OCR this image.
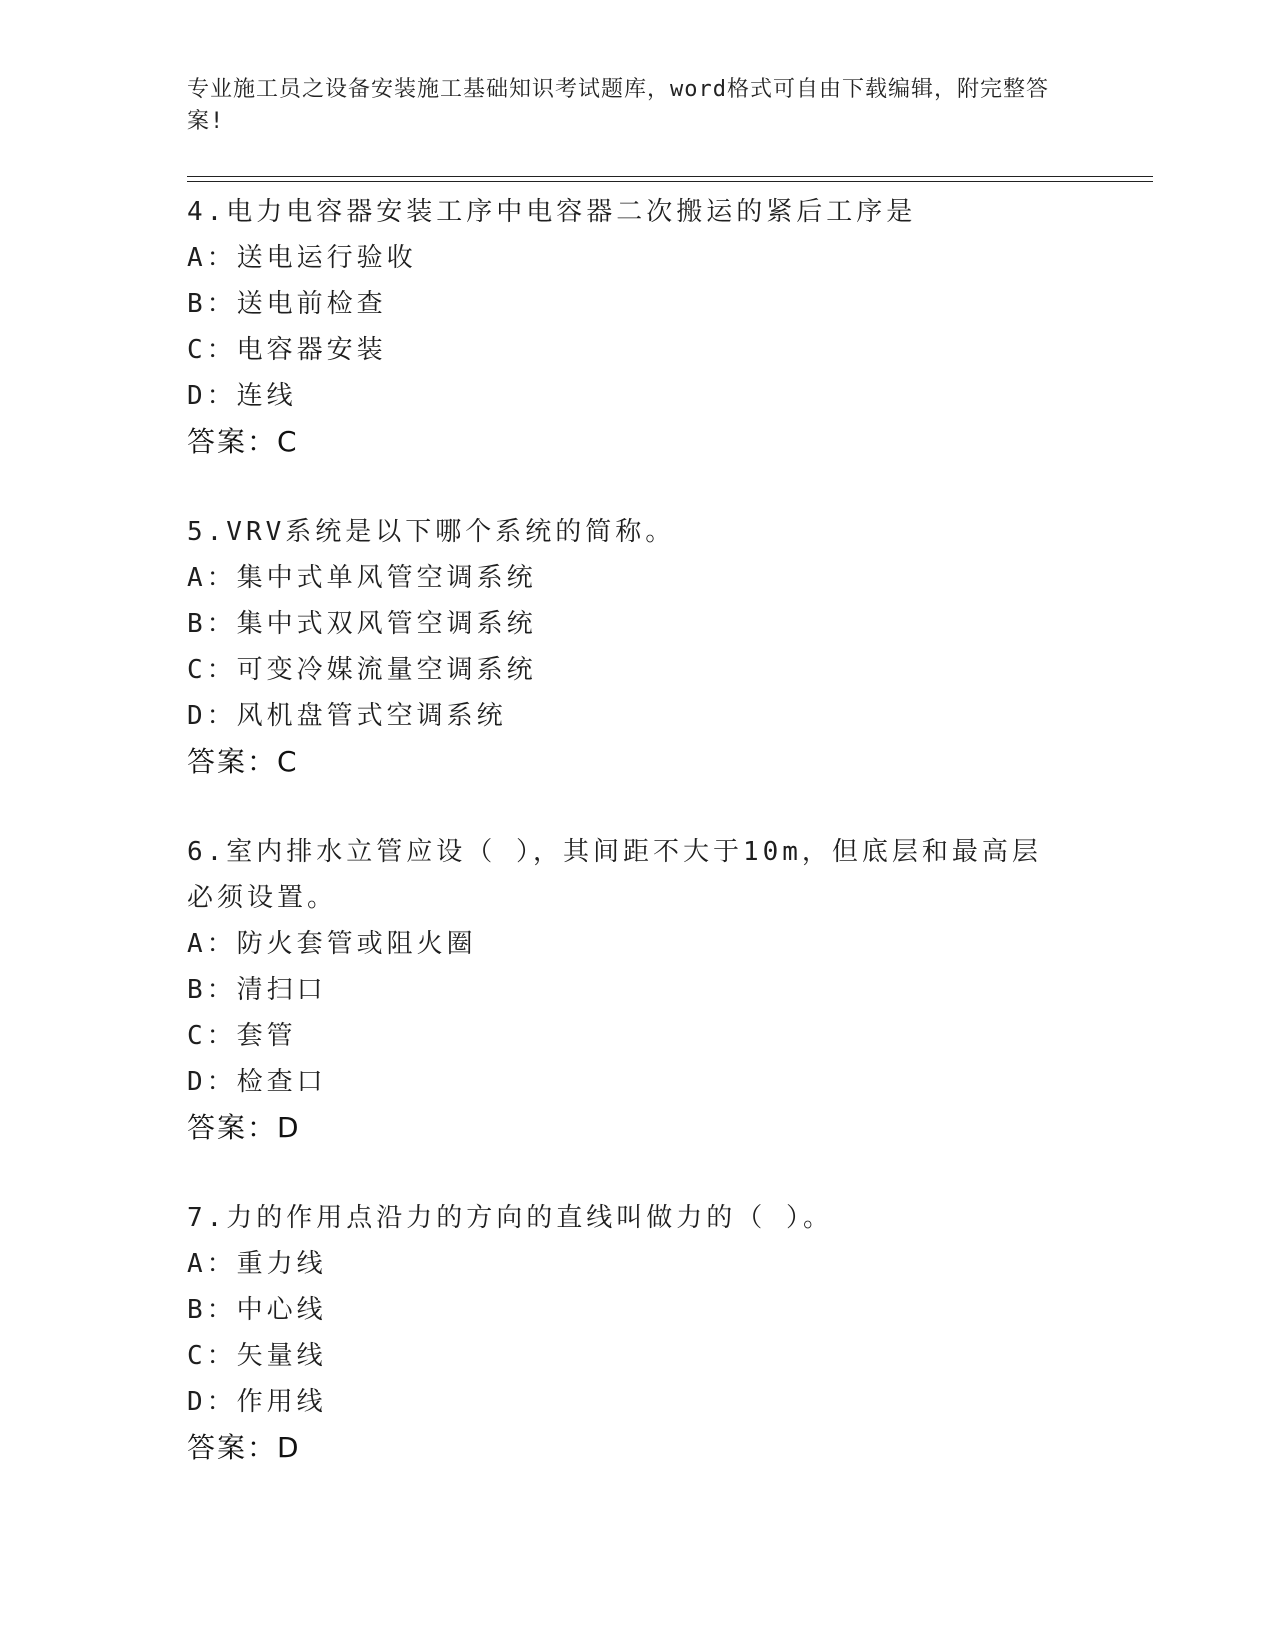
专业施工员之设备安装施工基础知识考试题库，word格式可自由下载编辑，附完整答案!
4.电力电容器安装工序中电容器二次搬运的紧后工序是
A：送电运行验收
B：送电前检查
C：电容器安装
D：连线
答案：C
5.VRV系统是以下哪个系统的简称。
A：集中式单风管空调系统
B：集中式双风管空调系统
C：可变冷媒流量空调系统
D：风机盘管式空调系统
答案：C
6.室内排水立管应设（ ），其间距不大于10m，但底层和最高层必须设置。
A：防火套管或阻火圈
B：清扫口
C：套管
D：检查口
答案：D
7.力的作用点沿力的方向的直线叫做力的（ ）。
A：重力线
B：中心线
C：矢量线
D：作用线
答案：D
